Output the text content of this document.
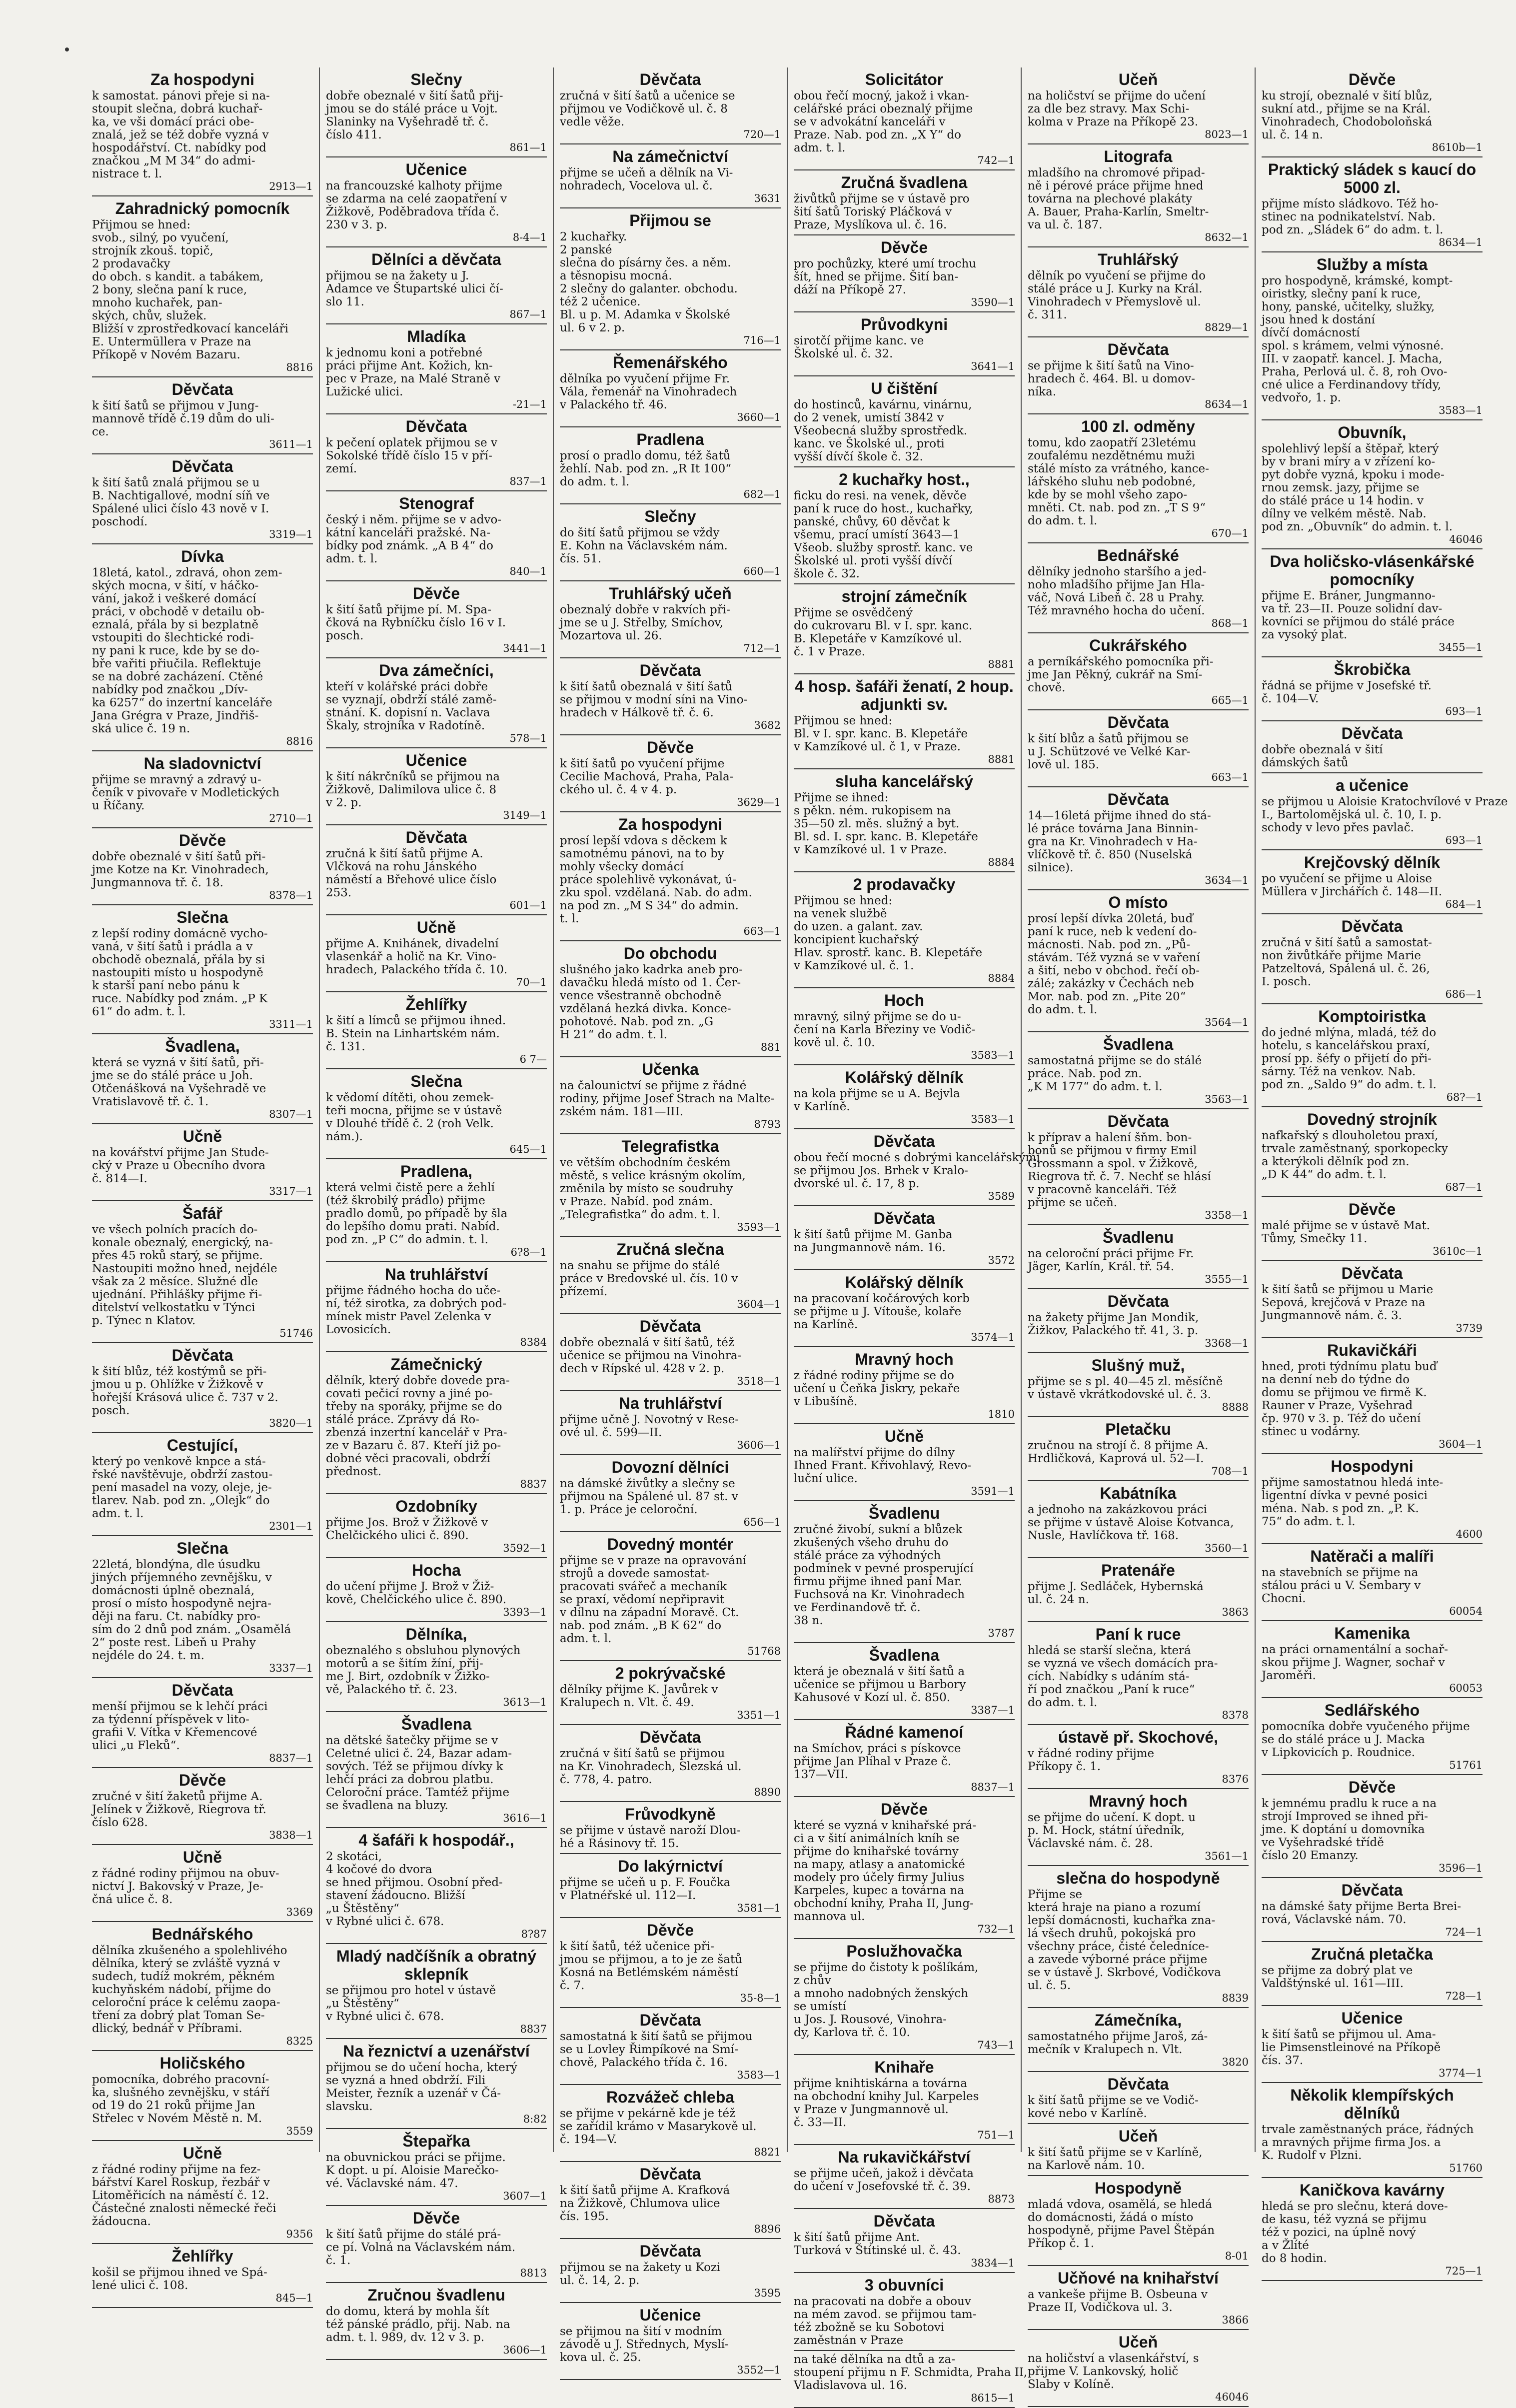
Za hospodyni
k samostat. pánovi přeje si na-
stoupit slečna, dobrá kuchař-
ka, ve vši domácí práci obe-
znalá, jež se též dobře vyzná v
hospodářství. Ct. nabídky pod
značkou „M M 34“ do admi-
nistrace t. l.
2913—1
Zahradnický pomocník
Přijmou se hned:
svob., silný, po vyučení,
strojník zkouš. topič,
2 prodavačky
do obch. s kandit. a tabákem,
2 bony, slečna paní k ruce,
mnoho kuchařek, pan-
ských, chův, služek.
Bližší v zprostředkovací kanceláři
E. Untermüllera v Praze na
Příkopě v Novém Bazaru.
8816
Děvčata
k šití šatů se přijmou v Jung-
mannově třídě č.19 dům do uli-
ce.
3611—1
Děvčata
k šití šatů znalá přijmou se u
B. Nachtigallové, modní síň ve
Spálené ulici číslo 43 nově v I.
poschodí.
3319—1
Dívka
18letá, katol., zdravá, ohon zem-
ských mocna, v šití, v háčko-
vání, jakož i veškeré domácí
práci, v obchodě v detailu ob-
eznalá, přála by si bezplatně
vstoupiti do šlechtické rodi-
ny pani k ruce, kde by se do-
bře vařiti přiučila. Reflektuje
se na dobré zacházení. Ctěné
nabídky pod značkou „Dív-
ka 6257“ do inzertní kanceláře
Jana Grégra v Praze, Jindřiš-
ská ulice č. 19 n.
8816
Na sladovnictví
přijme se mravný a zdravý u-
čeník v pivovaře v Modletických
u Říčany.
2710—1
Děvče
dobře obeznalé v šití šatů při-
jme Kotze na Kr. Vinohradech,
Jungmannova tř. č. 18.
8378—1
Slečna
z lepší rodiny domácně vycho-
vaná, v šití šatů i prádla a v
obchodě obeznalá, přála by si
nastoupiti místo u hospodyně
k starší paní nebo pánu k
ruce. Nabídky pod znám. „P K
61“ do adm. t. l.
3311—1
Švadlena,
která se vyzná v šití šatů, při-
jme se do stálé práce u Joh.
Otčenášková na Vyšehradě ve
Vratislavově tř. č. 1.
8307—1
Učně
na kovářství přijme Jan Stude-
cký v Praze u Obecního dvora
č. 814—I.
3317—1
Šafář
ve všech polních pracích do-
konale obeznalý, energický, na-
přes 45 roků starý, se přijme.
Nastoupiti možno hned, nejdéle
však za 2 měsíce. Služné dle
ujednání. Přihlášky přijme ři-
ditelství velkostatku v Týnci
p. Týnec n Klatov.
51746
Děvčata
k šití blůz, též kostýmů se při-
jmou u p. Ohlížke v Žižkově v
hořejší Krásová ulice č. 737 v 2.
posch.
3820—1
Cestující,
který po venkově knpce a stá-
řské navštěvuje, obdrží zastou-
pení masadel na vozy, oleje, je-
tlarev. Nab. pod zn. „Olejk“ do
adm. t. l.
2301—1
Slečna
22letá, blondýna, dle úsudku
jiných příjemného zevnějšku, v
domácnosti úplně obeznalá,
prosí o místo hospodyně nejra-
ději na faru. Ct. nabídky pro-
sím do 2 dnů pod znám. „Osamělá
2“ poste rest. Libeň u Prahy
nejdéle do 24. t. m.
3337—1
Děvčata
menší přijmou se k lehčí práci
za týdenní příspěvek v lito-
grafii V. Vítka v Křemencové
ulici „u Fleků“.
8837—1
Děvče
zručné v šití žaketů přijme A.
Jelínek v Žižkově, Riegrova tř.
číslo 628.
3838—1
Učně
z řádné rodiny přijmou na obuv-
nictví J. Bakovský v Praze, Je-
čná ulice č. 8.
3369
Bednářského
dělníka zkušeného a spolehlivého
dělníka, který se zvláště vyzná v
sudech, tudíž mokrém, pěkném
kuchyňském nádobí, přijme do
celoroční práce k celému zaopa-
tření za dobrý plat Toman Se-
dlický, bednář v Příbrami.
8325
Holičského
pomocníka, dobrého pracovní-
ka, slušného zevnějšku, v stáří
od 19 do 21 roků přijme Jan
Střelec v Novém Městě n. M.
3559
Učně
z řádné rodiny přijme na fez-
bářství Karel Roskup, řezbář v
Litoměřicích na náměstí č. 12.
Částečné znalosti německé řeči
žádoucna.
9356
Žehlířky
košil se přijmou ihned ve Spá-
lené ulici č. 108.
845—1
Slečny
dobře obeznalé v šití šatů přij-
jmou se do stálé práce u Vojt.
Slaninky na Vyšehradě tř. č.
číslo 411.
861—1
Učenice
na francouzské kalhoty přijme
se zdarma na celé zaopatření v
Žižkově, Poděbradova třída č.
230 v 3. p.
8-4—1
Dělníci a děvčata
přijmou se na žakety u J.
Adamce ve Štupartské ulici čí-
slo 11.
867—1
Mladíka
k jednomu koni a potřebné
práci přijme Ant. Kožich, kn-
pec v Praze, na Malé Straně v
Lužické ulici.
-21—1
Děvčata
k pečení oplatek přijmou se v
Sokolské třídě číslo 15 v pří-
zemí.
837—1
Stenograf
český i něm. přijme se v advo-
kátní kanceláři pražské. Na-
bídky pod známk. „A B 4“ do
adm. t. l.
840—1
Děvče
k šití šatů přijme pí. M. Spa-
čková na Rybníčku číslo 16 v I.
posch.
3441—1
Dva zámečníci,
kteří v kolářské práci dobře
se vyznají, obdrží stálé zamě-
stnání. K. dopisní n. Vaclava
Škaly, strojníka v Radotíně.
578—1
Učenice
k šití nákrčníků se přijmou na
Žižkově, Dalimilova ulice č. 8
v 2. p.
3149—1
Děvčata
zručná k šití šatů přijme A.
Vlčková na rohu Jánského
náměstí a Břehové ulice číslo
253.
601—1
Učně
přijme A. Knihánek, divadelní
vlasenkář a holič na Kr. Vino-
hradech, Palackého třída č. 10.
70—1
Žehlířky
k šití a límců se přijmou ihned.
B. Stein na Linhartském nám.
č. 131.
6 7—
Slečna
k vědomí dítěti, ohou zemek-
teři mocna, přijme se v ústavě
v Dlouhé třídě č. 2 (roh Velk.
nám.).
645—1
Pradlena,
která velmi čistě pere a žehlí
(též škrobilý prádlo) přijme
pradlo domů, po případě by šla
do lepšího domu prati. Nabíd.
pod zn. „P C“ do admin. t. l.
6?8—1
Na truhlářství
přijme řádného hocha do uče-
ní, též sirotka, za dobrých pod-
mínek mistr Pavel Zelenka v
Lovosicích.
8384
Zámečnický
dělník, který dobře dovede pra-
covati pečicí rovny a jiné po-
třeby na sporáky, přijme se do
stálé práce. Zprávy dá Ro-
zbenzá inzertní kancelář v Pra-
ze v Bazaru č. 87. Kteří již po-
dobné věci pracovali, obdrží
přednost.
8837
Ozdobníky
přijme Jos. Brož v Žižkově v
Chelčického ulici č. 890.
3592—1
Hocha
do učení přijme J. Brož v Žiž-
kově, Chelčického ulice č. 890.
3393—1
Dělníka,
obeznalého s obsluhou plynových
motorů a se šitím žíní, přij-
me J. Birt, ozdobník v Žižko-
vě, Palackého tř. č. 23.
3613—1
Švadlena
na dětské šatečky přijme se v
Celetné ulici č. 24, Bazar adam-
sových. Též se přijmou dívky k
lehčí práci za dobrou platbu.
Celoroční práce. Tamtéž přijme
se švadlena na bluzy.
3616—1
4 šafáři k hospodář.,
2 skotáci,
4 kočové do dvora
se hned přijmou. Osobní před-
stavení žádoucno. Bližší
„u Štěstěny“
v Rybné ulici č. 678.
8?87
Mladý nadčíšník a obratný sklepník
se přijmou pro hotel v ústavě
„u Štěstěny“
v Rybné ulici č. 678.
8837
Na řeznictví a uzenářství
přijmou se do učení hocha, který
se vyzná a hned obdrží. Fili
Meister, řezník a uzenář v Čá-
slavsku.
8:82
Štepařka
na obuvnickou práci se přijme.
K dopt. u pí. Aloisie Marečko-
vé. Václavské nám. 47.
3607—1
Děvče
k šití šatů přijme do stálé prá-
ce pí. Volná na Václavském nám.
č. 1.
8813
Zručnou švadlenu
do domu, která by mohla šít
též pánské prádlo, přij. Nab. na
adm. t. l. 989, dv. 12 v 3. p.
3606—1
Děvčata
zručná v šití šatů a učenice se
přijmou ve Vodičkově ul. č. 8
vedle věže.
720—1
Na zámečnictví
přijme se učeň a dělník na Vi-
nohradech, Vocelova ul. č.
3631
Přijmou se
2 kuchařky.
2 panské
slečna do písárny čes. a něm.
a těsnopisu mocná.
2 slečny do galanter. obchodu.
též 2 učenice.
Bl. u p. M. Adamka v Školské
ul. 6 v 2. p.
716—1
Řemenářského
dělníka po vyučení přijme Fr.
Vála, řemenář na Vinohradech
v Palackého tř. 46.
3660—1
Pradlena
prosí o pradlo domu, též šatů
žehlí. Nab. pod zn. „R It 100“
do adm. t. l.
682—1
Slečny
do šití šatů přijmou se vždy
E. Kohn na Václavském nám.
čís. 51.
660—1
Truhlářský učeň
obeznalý dobře v rakvích při-
jme se u J. Střelby, Smíchov,
Mozartova ul. 26.
712—1
Děvčata
k šití šatů obeznalá v šití šatů
se přijmou v modní síni na Vino-
hradech v Hálkově tř. č. 6.
3682
Děvče
k šití šatů po vyučení přijme
Cecilie Machová, Praha, Pala-
ckého ul. č. 4 v 4. p.
3629—1
Za hospodyni
prosí lepší vdova s děckem k
samotnému pánovi, na to by
mohly všecky domácí
práce spolehlivě vykonávat, ú-
zku spol. vzdělaná. Nab. do adm.
na pod zn. „M S 34“ do admin.
t. l.
663—1
Do obchodu
slušného jako kadrka aneb pro-
davačku hledá místo od 1. Čer-
vence všestranně obchodně
vzdělaná hezká divka. Konce-
pohotové. Nab. pod zn. „G
H 21“ do adm. t. l.
881
Učenka
na čalounictví se přijme z řádné
rodiny, přijme Josef Strach na Malte-
zském nám. 181—III.
8793
Telegrafistka
ve větším obchodním českém
městě, s velice krásným okolím,
změnila by místo se soudruhy
v Praze. Nabíd. pod znám.
„Telegrafistka“ do adm. t. l.
3593—1
Zručná slečna
na snahu se přijme do stálé
práce v Bredovské ul. čís. 10 v
přízemí.
3604—1
Děvčata
dobře obeznalá v šití šatů, též
učenice se přijmou na Vinohra-
dech v Rípské ul. 428 v 2. p.
3518—1
Na truhlářství
přijme učně J. Novotný v Rese-
ové ul. č. 599—II.
3606—1
Dovozní dělníci
na dámské živůtky a slečny se
přijmou na Spálené ul. 87 st. v
1. p. Práce je celoroční.
656—1
Dovedný montér
přijme se v praze na opravování
strojů a dovede samostat-
pracovati svářeč a mechaník
se praxí, vědomí nepřipravit
v dílnu na západní Moravě. Ct.
nab. pod znám. „B K 62“ do
adm. t. l.
51768
2 pokrývačské
dělníky přijme K. Javůrek v
Kralupech n. Vlt. č. 49.
3351—1
Děvčata
zručná v šití šatů se přijmou
na Kr. Vinohradech, Slezská ul.
č. 778, 4. patro.
8890
Frůvodkyně
se přijme v ústavě naroží Dlou-
hé a Rásinovy tř. 15.
Do lakýrnictví
přijme se učeň u p. F. Foučka
v Platnéřské ul. 112—I.
3581—1
Děvče
k šití šatů, též učenice při-
jmou se přijmou, a to je ze šatů
Kosná na Betlémském náměstí
č. 7.
35-8—1
Děvčata
samostatná k šití šatů se přijmou
se u Lovley Řimpíkové na Smí-
chově, Palackého třída č. 16.
3583—1
Rozvážeč chleba
se přijme v pekárně kde je též
se zařídil krámo v Masarykově ul.
č. 194—V.
8821
Děvčata
k šití šatů přijme A. Krafková
na Žižkově, Chlumova ulice
čís. 195.
8896
Děvčata
přijmou se na žakety u Kozi
ul. č. 14, 2. p.
3595
Učenice
se přijmou na šití v modním
závodě u J. Střednych, Myslí-
kova ul. č. 25.
3552—1
Solicitátor
obou řečí mocný, jakož i vkan-
celářské práci obeznalý přijme
se v advokátní kanceláři v
Praze. Nab. pod zn. „X Y“ do
adm. t. l.
742—1
Zručná švadlena
živůtků přijme se v ústavě pro
šití šatů Toriský Pláčková v
Praze, Myslíkova ul. č. 16.
Děvče
pro pochůzky, které umí trochu
šít, hned se přijme. Šití ban-
dáží na Příkopě 27.
3590—1
Průvodkyni
sirotčí přijme kanc. ve
Školské ul. č. 32.
3641—1
U čištění
do hostinců, kavárnu, vinárnu,
do 2 venek, umistí 3842 v
Všeobecná služby sprostředk.
kanc. ve Školské ul., proti
vyšší dívčí škole č. 32.
2 kuchařky host.,
ficku do resi. na venek, děvče
paní k ruce do host., kuchařky,
panské, chůvy, 60 děvčat k
všemu, prací umístí 3643—1
Všeob. služby sprostř. kanc. ve
Školské ul. proti vyšší dívčí
škole č. 32.
strojní zámečník
Přijme se osvědčený
do cukrovaru Bl. v I. spr. kanc.
B. Klepetáře v Kamzíkové ul.
č. 1 v Praze.
8881
4 hosp. šafáři ženatí, 2 houp. adjunkti sv.
Přijmou se hned:
Bl. v I. spr. kanc. B. Klepetáře
v Kamzíkové ul. č 1, v Praze.
8881
sluha kancelářský
Přijme se ihned:
s pěkn. ném. rukopisem na
35—50 zl. měs. služný a byt.
Bl. sd. I. spr. kanc. B. Klepetáře
v Kamzíkové ul. 1 v Praze.
8884
2 prodavačky
Přijmou se hned:
na venek službě
do uzen. a galant. zav.
koncipient kuchařský
Hlav. sprostř. kanc. B. Klepetáře
v Kamzíkové ul. č. 1.
8884
Hoch
mravný, silný přijme se do u-
čení na Karla Březiny ve Vodič-
kově ul. č. 10.
3583—1
Kolářský dělník
na kola přijme se u A. Bejvla
v Karlíně.
3583—1
Děvčata
obou řečí mocné s dobrými kancelářskými
se přijmou Jos. Brhek v Kralo-
dvorské ul. č. 17, 8 p.
3589
Děvčata
k šití šatů přijme M. Ganba
na Jungmannově nám. 16.
3572
Kolářský dělník
na pracovaní kočárových korb
se přijme u J. Vítouše, kolaře
na Karlíně.
3574—1
Mravný hoch
z řádné rodiny přijme se do
učení u Čeňka Jiskry, pekaře
v Libušíně.
1810
Učně
na malířství přijme do dílny
Ihned Frant. Křivohlavý, Revo-
luční ulice.
3591—1
Švadlenu
zručné živobí, sukní a blůzek
zkušených všeho druhu do
stálé práce za výhodných
podmínek v pevné prosperující
firmu přijme ihned paní Mar.
Fuchsová na Kr. Vinohradech
ve Ferdinandově tř. č.
38 n.
3787
Švadlena
která je obeznalá v šití šatů a
učenice se přijmou u Barbory
Kahusové v Kozí ul. č. 850.
3387—1
Řádné kamenoí
na Smíchov, práci s pískovce
přijme Jan Plíhal v Praze č.
137—VII.
8837—1
Děvče
které se vyzná v knihařské prá-
ci a v šití animálních kníh se
přijme do knihařské továrny
na mapy, atlasy a anatomické
modely pro účely firmy Julius
Karpeles, kupec a továrna na
obchodní knihy, Praha II, Jung-
mannova ul.
732—1
Poslužhovačka
se přijme do čistoty k pošlíkám,
z chův
a mnoho nadobných ženských
se umístí
u Jos. J. Rousové, Vinohra-
dy, Karlova tř. č. 10.
743—1
Knihaře
přijme knihtiskárna a továrna
na obchodní knihy Jul. Karpeles
v Praze v Jungmannově ul.
č. 33—II.
751—1
Na rukavičkářství
se přijme učeň, jakož i děvčata
do učení v Josefovské tř. č. 39.
8873
Děvčata
k šití šatů přijme Ant.
Turková v Štítinské ul. č. 43.
3834—1
3 obuvníci
na pracovati na dobře a obouv
na mém zavod. se přijmou tam-
též zbožně se ku Sobotovi
zaměstnán v Praze
na také dělníka na dtů a za-
stoupení přijmu n F. Schmidta, Praha II,
Vladislavova ul. 16.
8615—1
Učeň
na holičství se přijme do učení
za dle bez stravy. Max Schi-
kolma v Praze na Příkopě 23.
8023—1
Litografa
mladšího na chromové připad-
ně i pérové práce přijme hned
továrna na plechové plakáty
A. Bauer, Praha-Karlín, Smeltr-
va ul. č. 187.
8632—1
Truhlářský
dělník po vyučení se přijme do
stálé práce u J. Kurky na Král.
Vinohradech v Přemyslově ul.
č. 311.
8829—1
Děvčata
se přijme k šití šatů na Vino-
hradech č. 464. Bl. u domov-
níka.
8634—1
100 zl. odměny
tomu, kdo zaopatří 23letému
zoufalému nezdětnému muži
stálé místo za vrátného, kance-
lářského sluhu neb podobné,
kde by se mohl všeho zapo-
mněti. Ct. nab. pod zn. „T S 9“
do adm. t. l.
670—1
Bednářské
dělníky jednoho staršího a jed-
noho mladšího přijme Jan Hla-
váč, Nová Libeň č. 28 u Prahy.
Též mravného hocha do učení.
868—1
Cukrářského
a perníkářského pomocníka při-
jme Jan Pěkný, cukrář na Smí-
chově.
665—1
Děvčata
k šití blůz a šatů přijmou se
u J. Schützové ve Velké Kar-
lově ul. 185.
663—1
Děvčata
14—16letá přijme ihned do stá-
lé práce továrna Jana Binnin-
gra na Kr. Vinohradech v Ha-
vlíčkově tř. č. 850 (Nuselská
silnice).
3634—1
O místo
prosí lepší dívka 20letá, buď
paní k ruce, neb k vedení do-
mácnosti. Nab. pod zn. „Pů-
stávám. Též vyzná se v vaření
a šití, nebo v obchod. řečí ob-
zálé; zakázky v Čechách neb
Mor. nab. pod zn. „Pite 20“
do adm. t. l.
3564—1
Švadlena
samostatná přijme se do stálé
práce. Nab. pod zn.
„K M 177“ do adm. t. l.
3563—1
Děvčata
k příprav a halení šňm. bon-
bonů se přijmou v firmy Emil
Grossmann a spol. v Žižkově,
Riegrova tř. č. 7. Nechť se hlásí
v pracovně kanceláři. Též
přijme se učeň.
3358—1
Švadlenu
na celoroční práci přijme Fr.
Jäger, Karlín, Král. tř. 54.
3555—1
Děvčata
na žakety přijme Jan Mondik,
Žižkov, Palackého tř. 41, 3. p.
3368—1
Slušný muž,
přijme se s pl. 40—45 zl. měsíčně
v ústavě vkrátkodovské ul. č. 3.
8888
Pletačku
zručnou na strojí č. 8 přijme A.
Hrdličková, Kaprová ul. 52—I.
708—1
Kabátníka
a jednoho na zakázkovou práci
se přijme v ústavě Aloise Kotvanca,
Nusle, Havlíčkova tř. 168.
3560—1
Pratenáře
přijme J. Sedláček, Hybernská
ul. č. 24 n.
3863
Paní k ruce
hledá se starší slečna, která
se vyzná ve všech domácích pra-
cích. Nabídky s udáním stá-
ří pod značkou „Paní k ruce“
do adm. t. l.
8378
ústavě př. Skochové,
v řádné rodiny přijme
Příkopy č. 1.
8376
Mravný hoch
se přijme do učení. K dopt. u
p. M. Hock, státní úředník,
Václavské nám. č. 28.
3561—1
slečna do hospodyně
Přijme se
která hraje na piano a rozumí
lepší domácnosti, kuchařka zna-
lá všech druhů, pokojská pro
všechny práce, čisté čeledníce-
a zavede výborné práce přijme
se v ústavě J. Skrbové, Vodičkova
ul. č. 5.
8839
Zámečníka,
samostatného přijme Jaroš, zá-
mečník v Kralupech n. Vlt.
3820
Děvčata
k šití šatů přijme se ve Vodič-
kové nebo v Karlíně.
Učeň
k šití šatů přijme se v Karlíně,
na Karlově nám. 10.
Hospodyně
mladá vdova, osamělá, se hledá
do domácnosti, žádá o místo
hospodyně, přijme Pavel Štěpán
Příkop č. 1.
8-01
Učňové na knihařství
a vankeše přijme B. Osbeuna v
Praze II, Vodičkova ul. 3.
3866
Učeň
na holičství a vlasenkářství, s
přijme V. Lankovský, holič
Slaby v Kolíně.
46046
Děvče
ku strojí, obeznalé v šití blůz,
sukní atd., přijme se na Král.
Vinohradech, Chodoboloňská
ul. č. 14 n.
8610b—1
Praktický sládek s kaucí do 5000 zl.
přijme místo sládkovo. Též ho-
stinec na podnikatelství. Nab.
pod zn. „Sládek 6“ do adm. t. l.
8634—1
Služby a místa
pro hospodyně, krámské, kompt-
oiristky, slečny paní k ruce,
hony, panské, učitelky, služky,
jsou hned k dostání
dívčí domácností
spol. s krámem, velmi výnosné.
III. v zaopatř. kancel. J. Macha,
Praha, Perlová ul. č. 8, roh Ovo-
cné ulice a Ferdinandovy třídy,
vedvořo, 1. p.
3583—1
Obuvník,
spolehlivý lepší a štěpař, který
by v brani míry a v zřízení ko-
pyt dobře vyzná, kpoku i mode-
rnou zemsk. jazy, přijme se
do stálé práce u 14 hodin. v
dílny ve velkém městě. Nab.
pod zn. „Obuvník“ do admin. t. l.
46046
Dva holičsko-vlásenkářské pomocníky
přijme E. Bráner, Jungmanno-
va tř. 23—II. Pouze solidní dav-
kovníci se přijmou do stálé práce
za vysoký plat.
3455—1
Škrobička
řádná se přijme v Josefské tř.
č. 104—V.
693—1
Děvčata
dobře obeznalá v šití
dámských šatů
a učenice
se přijmou u Aloisie Kratochvílové v Praze
I., Bartolomějská ul. č. 10, I. p.
schody v levo přes pavlač.
693—1
Krejčovský dělník
po vyučení se přijme u Aloise
Müllera v Jirchářích č. 148—II.
684—1
Děvčata
zručná v šití šatů a samostat-
non živůtkáře přijme Marie
Patzeltová, Spálená ul. č. 26,
I. posch.
686—1
Komptoiristka
do jedné mlýna, mladá, též do
hotelu, s kancelářskou praxí,
prosí pp. šéfy o přijetí do při-
sárny. Též na venkov. Nab.
pod zn. „Saldo 9“ do adm. t. l.
68?—1
Dovedný strojník
nafkařský s dlouholetou praxí,
trvale zaměstnaný, sporkopecky
a kterýkoli dělník pod zn.
„D K 44“ do adm. t. l.
687—1
Děvče
malé přijme se v ústavě Mat.
Tůmy, Smečky 11.
3610c—1
Děvčata
k šití šatů se přijmou u Marie
Sepová, krejčová v Praze na
Jungmannově nám. č. 3.
3739
Rukavičkáři
hned, proti týdnímu platu buď
na denní neb do týdne do
domu se přijmou ve firmě K.
Rauner v Praze, Vyšehrad
čp. 970 v 3. p. Též do učení
stinec u vodárny.
3604—1
Hospodyni
přijme samostatnou hledá inte-
ligentní dívka v pevné posici
ména. Nab. s pod zn. „P. K.
75“ do adm. t. l.
4600
Natěrači a malíři
na stavebních se přijme na
stálou práci u V. Sembary v
Chocni.
60054
Kamenika
na práci ornamentální a sochař-
skou přijme J. Wagner, sochař v
Jaroměři.
60053
Sedlářského
pomocníka dobře vyučeného přijme
se do stálé práce u J. Macka
v Lipkovicích p. Roudnice.
51761
Děvče
k jemnému pradlu k ruce a na
strojí Improved se ihned při-
jme. K doptání u domovníka
ve Vyšehradské třídě
číslo 20 Emanzy.
3596—1
Děvčata
na dámské šaty přijme Berta Brei-
rová, Václavské nám. 70.
724—1
Zručná pletačka
se přijme za dobrý plat ve
Valdštýnské ul. 161—III.
728—1
Učenice
k šití šatů se přijmou ul. Ama-
lie Pimsenstleinové na Příkopě
čís. 37.
3774—1
Několik klempířských dělníků
trvale zaměstnaných práce, řádných
a mravných přijme firma Jos. a
K. Rudolf v Plzni.
51760
Kaničkova kavárny
hledá se pro slečnu, která dove-
de kasu, též vyzná se přijmu
též v pozici, na úplně nový
a v Žlíté
do 8 hodin.
725—1
